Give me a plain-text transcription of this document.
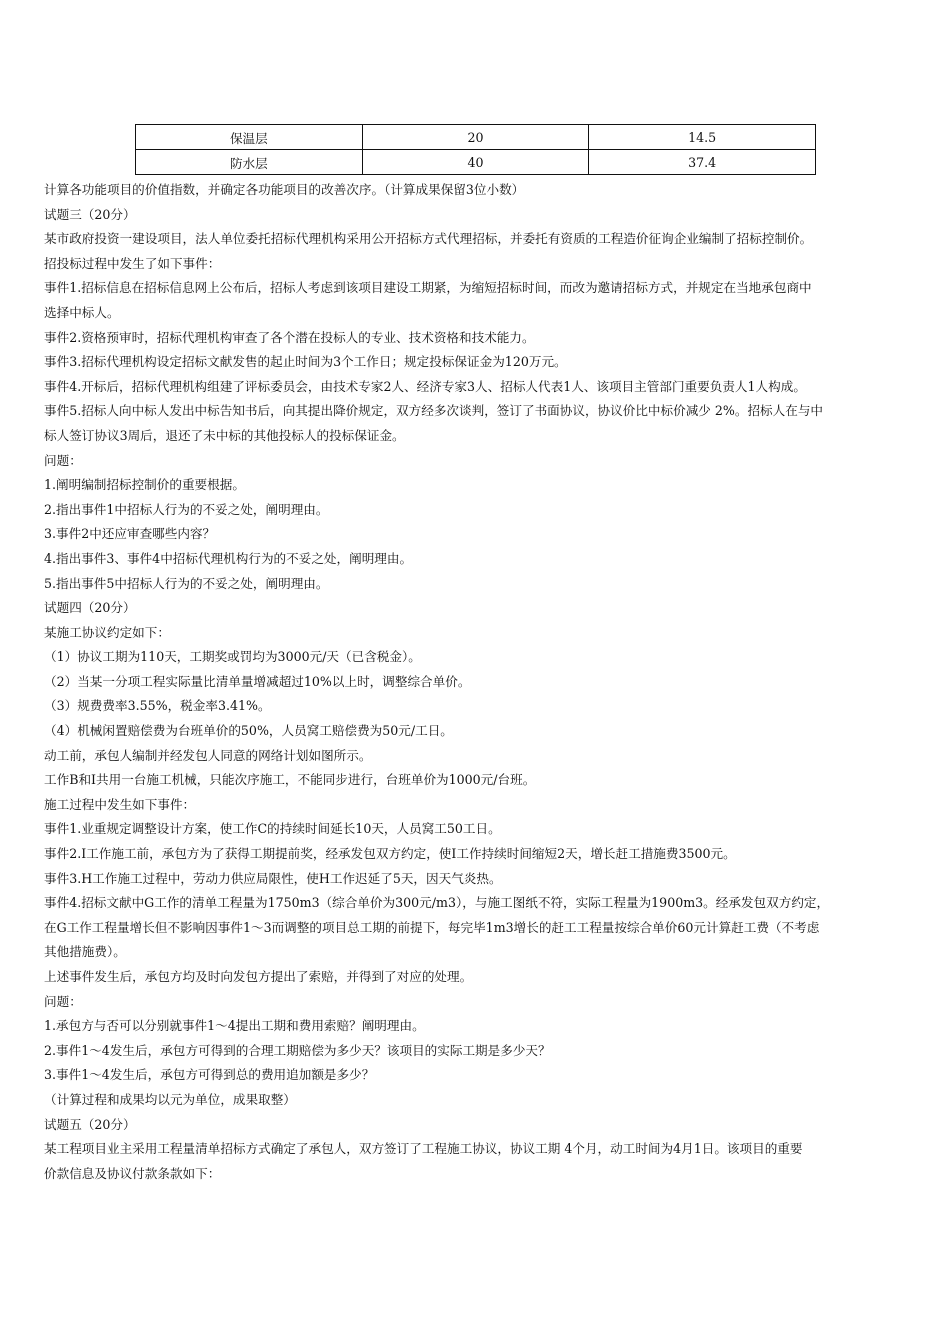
保温层	20	14.5
防水层	40	37.4
计算各功能项目的价值指数，并确定各功能项目的改善次序。（计算成果保留3位小数）
试题三（20分）
某市政府投资一建设项目，法人单位委托招标代理机构采用公开招标方式代理招标，并委托有资质的工程造价征询企业编制了招标控制价。
招投标过程中发生了如下事件：
事件1.招标信息在招标信息网上公布后，招标人考虑到该项目建设工期紧，为缩短招标时间，而改为邀请招标方式，并规定在当地承包商中
选择中标人。
事件2.资格预审时，招标代理机构审查了各个潜在投标人的专业、技术资格和技术能力。
事件3.招标代理机构设定招标文献发售的起止时间为3个工作日；规定投标保证金为120万元。
事件4.开标后，招标代理机构组建了评标委员会，由技术专家2人、经济专家3人、招标人代表1人、该项目主管部门重要负责人1人构成。
事件5.招标人向中标人发出中标告知书后，向其提出降价规定，双方经多次谈判，签订了书面协议，协议价比中标价减少 2%。招标人在与中
标人签订协议3周后，退还了未中标的其他投标人的投标保证金。
问题：
1.阐明编制招标控制价的重要根据。
2.指出事件1中招标人行为的不妥之处，阐明理由。
3.事件2中还应审查哪些内容？
4.指出事件3、事件4中招标代理机构行为的不妥之处，阐明理由。
5.指出事件5中招标人行为的不妥之处，阐明理由。
试题四（20分）
某施工协议约定如下：
（1）协议工期为110天，工期奖或罚均为3000元/天（已含税金）。
（2）当某一分项工程实际量比清单量增减超过10%以上时，调整综合单价。
（3）规费费率3.55%，税金率3.41%。
（4）机械闲置赔偿费为台班单价的50%，人员窝工赔偿费为50元/工日。
动工前，承包人编制并经发包人同意的网络计划如图所示。
工作B和I共用一台施工机械，只能次序施工，不能同步进行，台班单价为1000元/台班。
施工过程中发生如下事件：
事件1.业重规定调整设计方案，使工作C的持续时间延长10天，人员窝工50工日。
事件2.I工作施工前，承包方为了获得工期提前奖，经承发包双方约定，使I工作持续时间缩短2天，增长赶工措施费3500元。
事件3.H工作施工过程中，劳动力供应局限性，使H工作迟延了5天，因天气炎热。
事件4.招标文献中G工作的清单工程量为1750m3（综合单价为300元/m3），与施工图纸不符，实际工程量为1900m3。经承发包双方约定，
在G工作工程量增长但不影响因事件1～3而调整的项目总工期的前提下，每完毕1m3增长的赶工工程量按综合单价60元计算赶工费（不考虑
其他措施费）。
上述事件发生后，承包方均及时向发包方提出了索赔，并得到了对应的处理。
问题：
1.承包方与否可以分别就事件1～4提出工期和费用索赔？阐明理由。
2.事件1～4发生后，承包方可得到的合理工期赔偿为多少天？该项目的实际工期是多少天？
3.事件1～4发生后，承包方可得到总的费用追加额是多少？
（计算过程和成果均以元为单位，成果取整）
试题五（20分）
某工程项目业主采用工程量清单招标方式确定了承包人，双方签订了工程施工协议，协议工期 4个月，动工时间为4月1日。该项目的重要
价款信息及协议付款条款如下：
